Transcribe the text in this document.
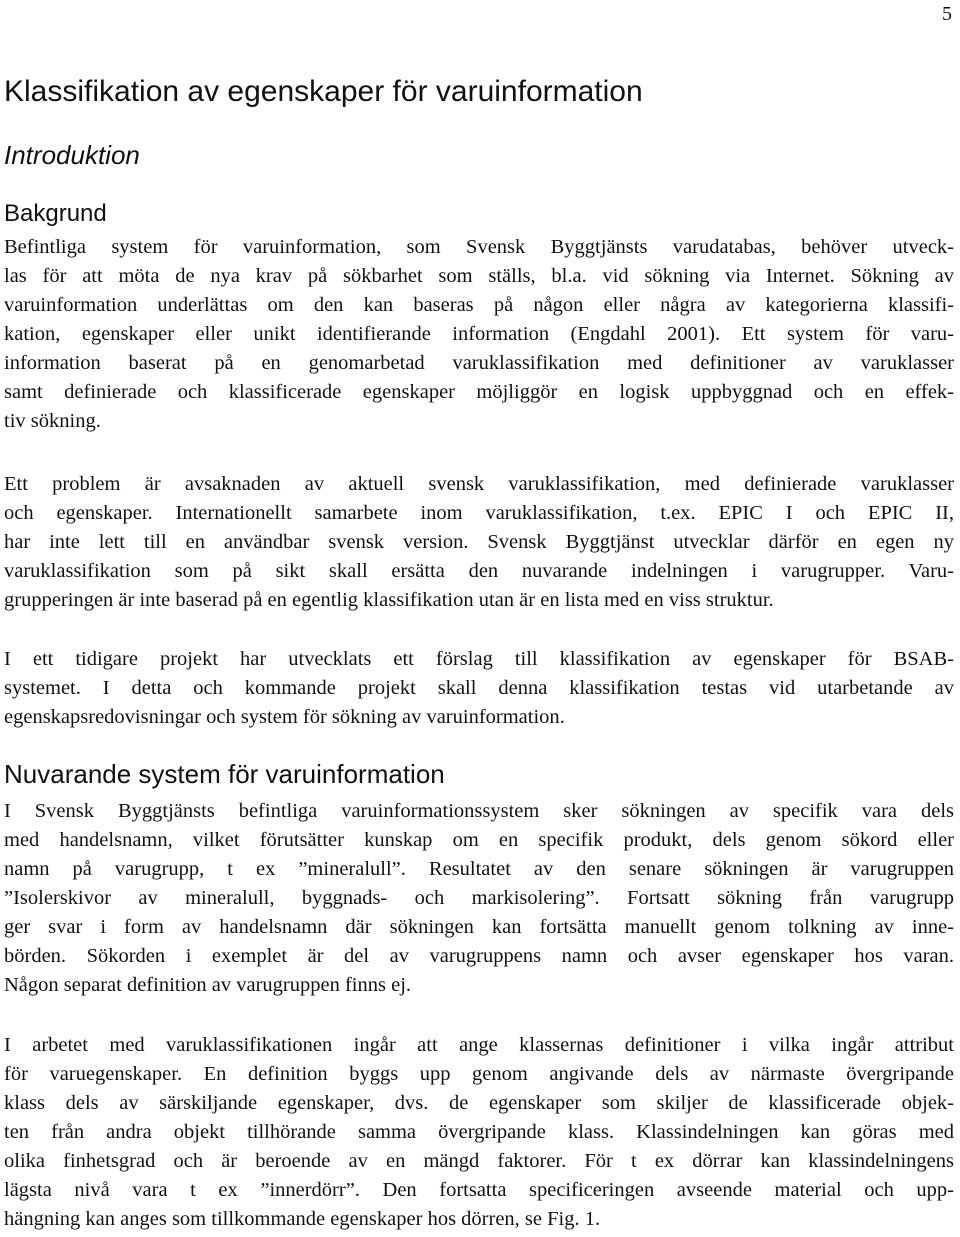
5
Klassifikation av egenskaper för varuinformation
Introduktion
Bakgrund
Befintliga system för varuinformation, som Svensk Byggtjänsts varudatabas, behöver utveck-
las för att möta de nya krav på sökbarhet som ställs, bl.a. vid sökning via Internet. Sökning av
varuinformation underlättas om den kan baseras på någon eller några av kategorierna klassifi-
kation, egenskaper eller unikt identifierande information (Engdahl 2001). Ett system för varu-
information baserat på en genomarbetad varuklassifikation med definitioner av varuklasser
samt definierade och klassificerade egenskaper möjliggör en logisk uppbyggnad och en effek-
tiv sökning.
Ett problem är avsaknaden av aktuell svensk varuklassifikation, med definierade varuklasser
och egenskaper. Internationellt samarbete inom varuklassifikation, t.ex. EPIC I och EPIC II,
har inte lett till en användbar svensk version. Svensk Byggtjänst utvecklar därför en egen ny
varuklassifikation som på sikt skall ersätta den nuvarande indelningen i varugrupper. Varu-
grupperingen är inte baserad på en egentlig klassifikation utan är en lista med en viss struktur.
I ett tidigare projekt har utvecklats ett förslag till klassifikation av egenskaper för BSAB-
systemet. I detta och kommande projekt skall denna klassifikation testas vid utarbetande av
egenskapsredovisningar och system för sökning av varuinformation.
Nuvarande system för varuinformation
I Svensk Byggtjänsts befintliga varuinformationssystem sker sökningen av specifik vara dels
med handelsnamn, vilket förutsätter kunskap om en specifik produkt, dels genom sökord eller
namn på varugrupp, t ex ”mineralull”. Resultatet av den senare sökningen är varugruppen
”Isolerskivor av mineralull, byggnads- och markisolering”. Fortsatt sökning från varugrupp
ger svar i form av handelsnamn där sökningen kan fortsätta manuellt genom tolkning av inne-
börden. Sökorden i exemplet är del av varugruppens namn och avser egenskaper hos varan.
Någon separat definition av varugruppen finns ej.
I arbetet med varuklassifikationen ingår att ange klassernas definitioner i vilka ingår attribut
för varuegenskaper. En definition byggs upp genom angivande dels av närmaste övergripande
klass dels av särskiljande egenskaper, dvs. de egenskaper som skiljer de klassificerade objek-
ten från andra objekt tillhörande samma övergripande klass. Klassindelningen kan göras med
olika finhetsgrad och är beroende av en mängd faktorer. För t ex dörrar kan klassindelningens
lägsta nivå vara t ex ”innerdörr”. Den fortsatta specificeringen avseende material och upp-
hängning kan anges som tillkommande egenskaper hos dörren, se Fig. 1.
